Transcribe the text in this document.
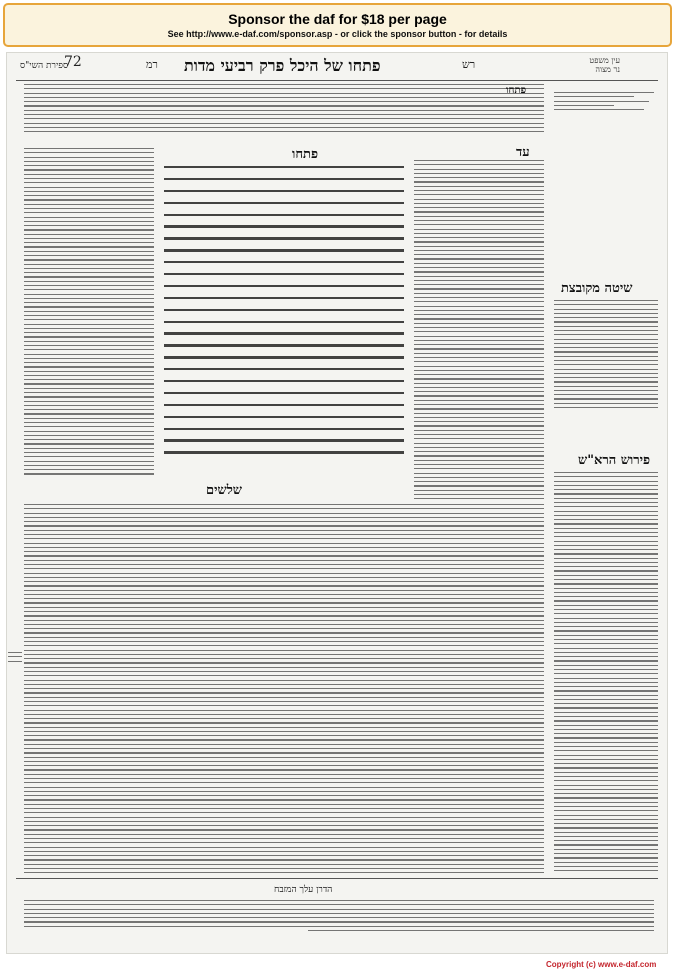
Sponsor the daf for $18 per page
See http://www.e-daf.com/sponsor.asp - or click the sponsor button - for details
ספירת השי"ס
72	רמ פתחו של היכל פרק רביעי מדות	רש	עין משפט
נר מצוה
פתחו
פתחו
שלשים
עד
שיטה מקובצת
פירוש הרא"ש
הדרן עלך המזבח
Copyright (c) www.e-daf.com
